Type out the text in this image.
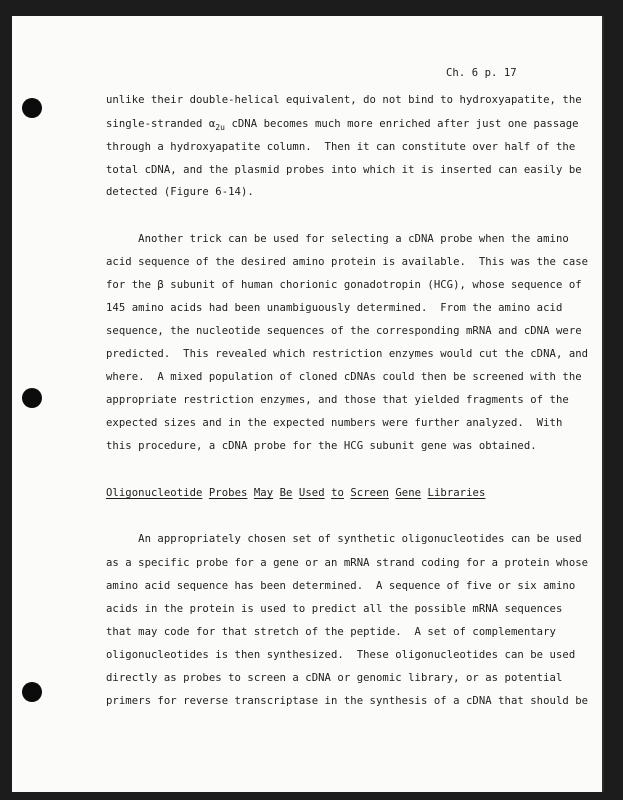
Ch. 6 p. 17
unlike their double-helical equivalent, do not bind to hydroxyapatite, the
single-stranded $\alpha_{2u}$ cDNA becomes much more enriched after just one passage
through a hydroxyapatite column.  Then it can constitute over half of the
total cDNA, and the plasmid probes into which it is inserted can easily be
detected (Figure 6-14).
Another trick can be used for selecting a cDNA probe when the amino
acid sequence of the desired amino protein is available.  This was the case
for the β subunit of human chorionic gonadotropin (HCG), whose sequence of
145 amino acids had been unambiguously determined.  From the amino acid
sequence, the nucleotide sequences of the corresponding mRNA and cDNA were
predicted.  This revealed which restriction enzymes would cut the cDNA, and
where.  A mixed population of cloned cDNAs could then be screened with the
appropriate restriction enzymes, and those that yielded fragments of the
expected sizes and in the expected numbers were further analyzed.  With
this procedure, a cDNA probe for the HCG subunit gene was obtained.
Oligonucleotide Probes May Be Used to Screen Gene Libraries
An appropriately chosen set of synthetic oligonucleotides can be used
as a specific probe for a gene or an mRNA strand coding for a protein whose
amino acid sequence has been determined.  A sequence of five or six amino
acids in the protein is used to predict all the possible mRNA sequences
that may code for that stretch of the peptide.  A set of complementary
oligonucleotides is then synthesized.  These oligonucleotides can be used
directly as probes to screen a cDNA or genomic library, or as potential
primers for reverse transcriptase in the synthesis of a cDNA that should be
